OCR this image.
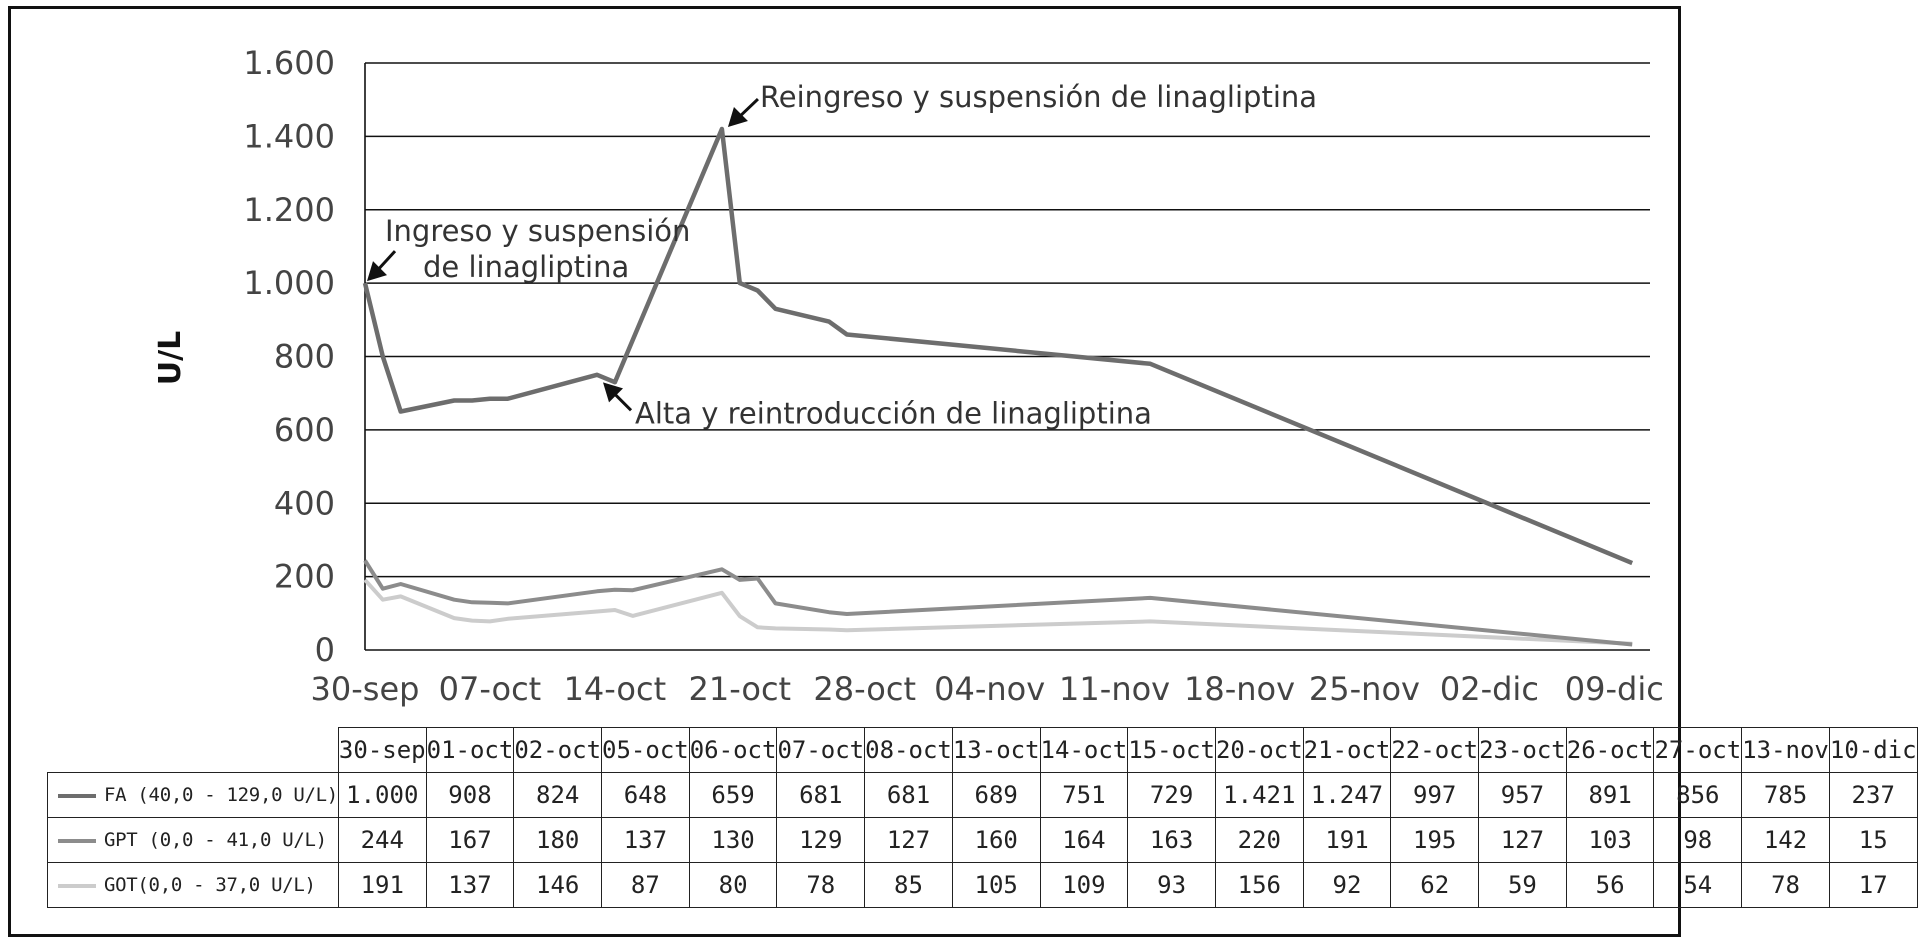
0
200
400
600
800
1.000
1.200
1.400
1.600
30-sep 07-oct 14-oct 21-oct 28-oct 04-nov 11-nov 18-nov 25-nov 02-dic 09-dic
U/L
Ingreso y suspensión
de linagliptina
Reingreso y suspensión de linagliptina
Alta y reintroducción de linagliptina
	30-sep	01-oct	02-oct	05-oct	06-oct	07-oct	08-oct	13-oct	14-oct	15-oct	20-oct	21-oct	22-oct	23-oct	26-oct	27-oct	13-nov	10-dic
FA (40,0 - 129,0 U/L)	1.000	908	824	648	659	681	681	689	751	729	1.421	1.247	997	957	891	856	785	237
GPT (0,0 - 41,0 U/L)	244	167	180	137	130	129	127	160	164	163	220	191	195	127	103	98	142	15
GOT(0,0 - 37,0 U/L)	191	137	146	87	80	78	85	105	109	93	156	92	62	59	56	54	78	17
